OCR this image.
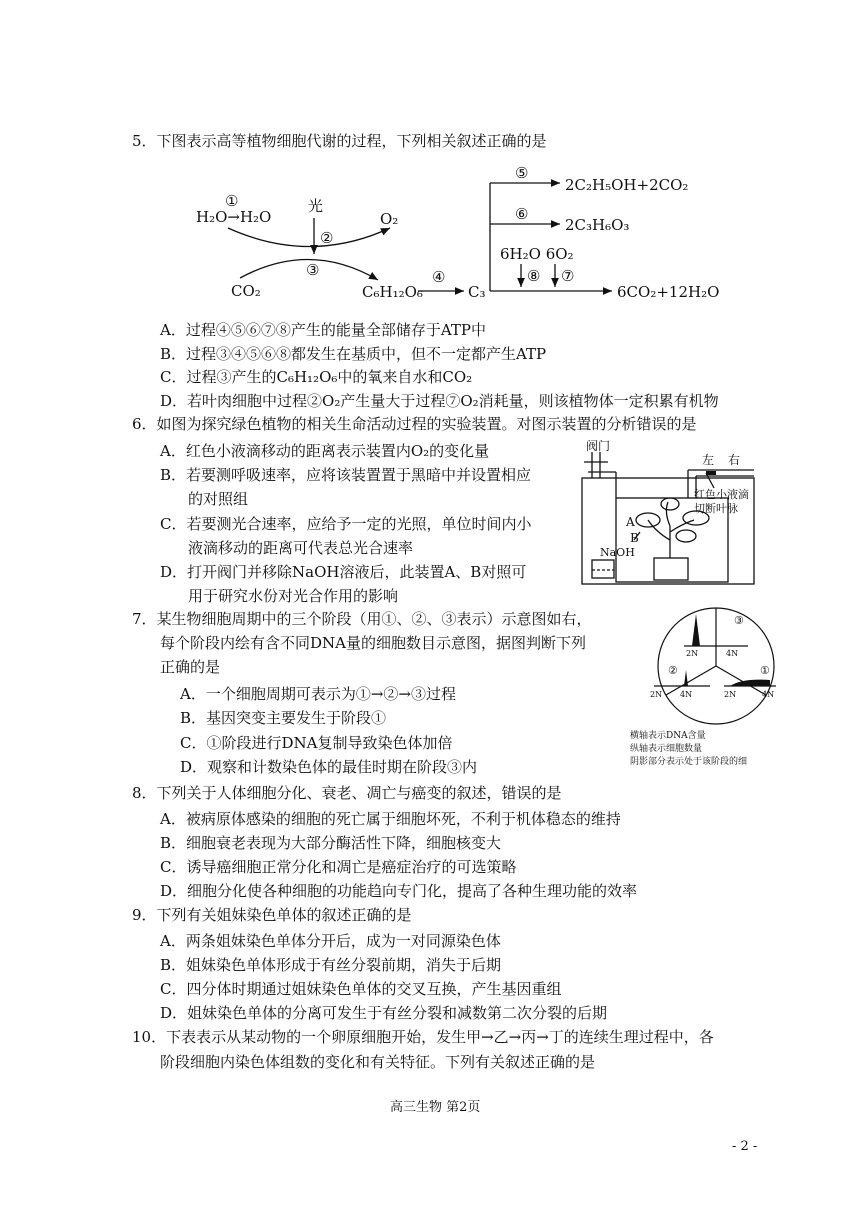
5．下图表示高等植物细胞代谢的过程，下列相关叙述正确的是
①
H₂O→H₂O
光
②
③
O₂
CO₂	C₆H₁₂O₆
④
C₃
⑤
2C₂H₅OH+2CO₂
⑥
2C₃H₆O₃
6H₂O 6O₂
⑧ ⑦
6CO₂+12H₂O
A．过程④⑤⑥⑦⑧产生的能量全部储存于ATP中
B．过程③④⑤⑥⑧都发生在基质中，但不一定都产生ATP
C．过程③产生的C₆H₁₂O₆中的氧来自水和CO₂
D．若叶肉细胞中过程②O₂产生量大于过程⑦O₂消耗量，则该植物体一定积累有机物
6．如图为探究绿色植物的相关生命活动过程的实验装置。对图示装置的分析错误的是
A．红色小液滴移动的距离表示装置内O₂的变化量
B．若要测呼吸速率，应将该装置置于黑暗中并设置相应
的对照组
C．若要测光合速率，应给予一定的光照，单位时间内小
液滴移动的距离可代表总光合速率
D．打开阀门并移除NaOH溶液后，此装置A、B对照可
用于研究水份对光合作用的影响
阀门
左 右
红色小液滴
切断叶脉
A
B
NaOH
7．某生物细胞周期中的三个阶段（用①、②、③表示）示意图如右，
每个阶段内绘有含不同DNA量的细胞数目示意图，据图判断下列
正确的是
A．一个细胞周期可表示为①→②→③过程
B．基因突变主要发生于阶段①
C．①阶段进行DNA复制导致染色体加倍
D．观察和计数染色体的最佳时期在阶段③内
③
②	①
2N	4N
2N 4N	2N	4N
横轴表示DNA含量
纵轴表示细胞数量
阴影部分表示处于该阶段的细
8．下列关于人体细胞分化、衰老、凋亡与癌变的叙述，错误的是
A．被病原体感染的细胞的死亡属于细胞坏死，不利于机体稳态的维持
B．细胞衰老表现为大部分酶活性下降，细胞核变大
C．诱导癌细胞正常分化和凋亡是癌症治疗的可选策略
D．细胞分化使各种细胞的功能趋向专门化，提高了各种生理功能的效率
9．下列有关姐妹染色单体的叙述正确的是
A．两条姐妹染色单体分开后，成为一对同源染色体
B．姐妹染色单体形成于有丝分裂前期，消失于后期
C．四分体时期通过姐妹染色单体的交叉互换，产生基因重组
D．姐妹染色单体的分离可发生于有丝分裂和减数第二次分裂的后期
10．下表表示从某动物的一个卵原细胞开始，发生甲→乙→丙→丁的连续生理过程中，各
阶段细胞内染色体组数的变化和有关特征。下列有关叙述正确的是
高三生物 第2页
- 2 -
